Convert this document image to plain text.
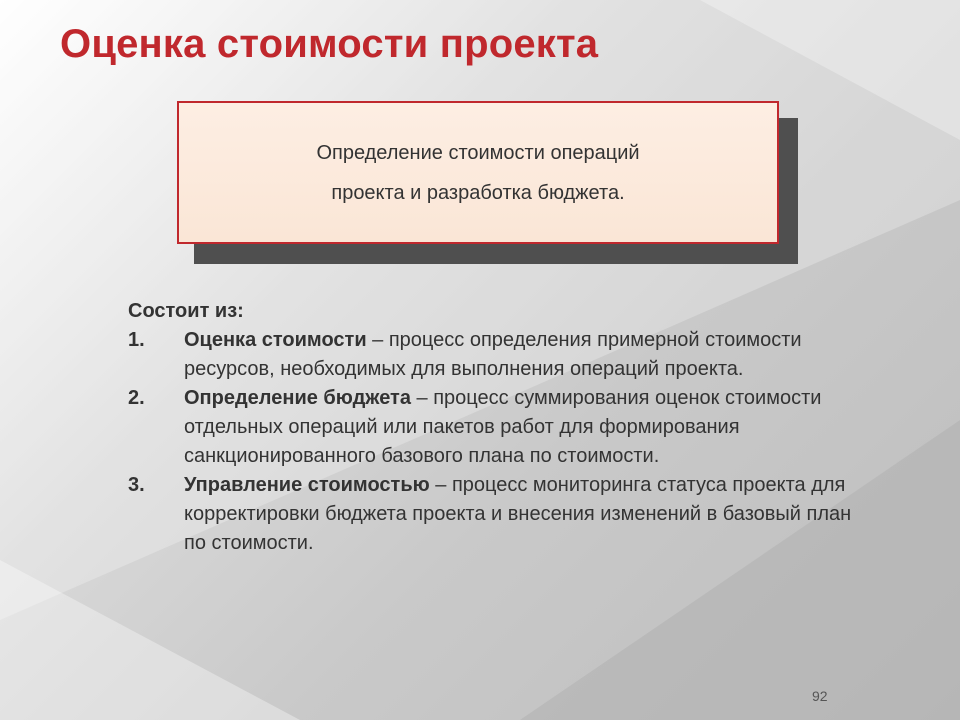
Оценка стоимости проекта
Определение стоимости операций
проекта и разработка бюджета.

Состоит из:

1. Оценка стоимости – процесс определения примерной стоимости ресурсов, необходимых для выполнения операций проекта.
2. Определение бюджета – процесс суммирования оценок стоимости отдельных операций или пакетов работ для формирования санкционированного базового плана по стоимости.
3. Управление стоимостью – процесс мониторинга статуса проекта для корректировки бюджета проекта и внесения изменений в базовый план по стоимости.
92
